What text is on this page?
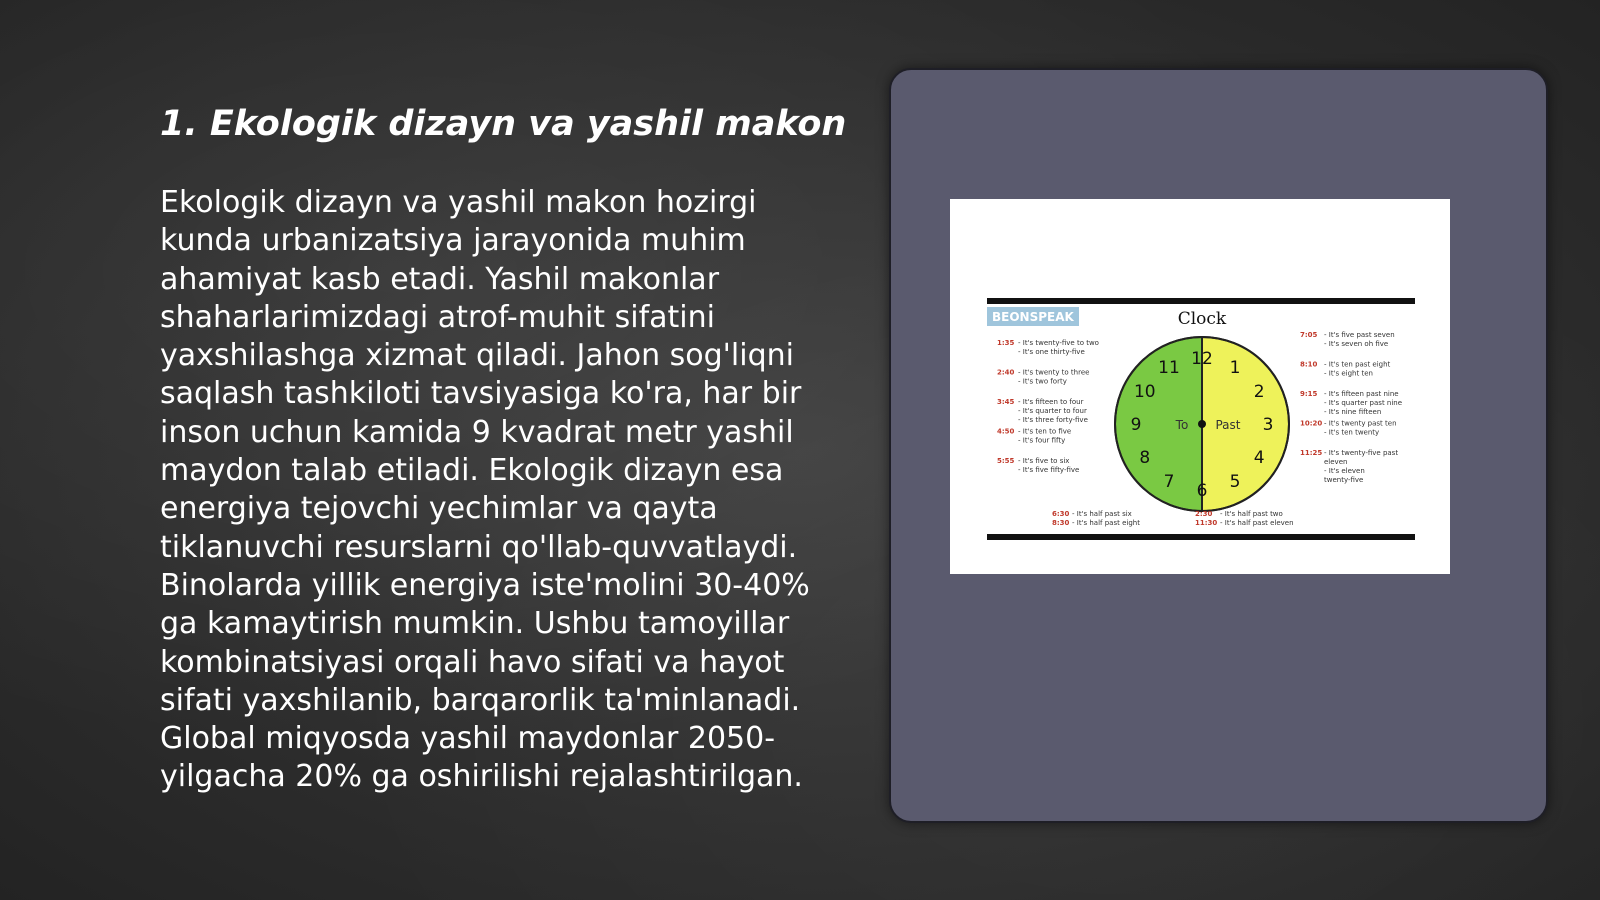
1. Ekologik dizayn va yashil makon
Ekologik dizayn va yashil makon hozirgi
kunda urbanizatsiya jarayonida muhim
ahamiyat kasb etadi. Yashil makonlar
shaharlarimizdagi atrof-muhit sifatini
yaxshilashga xizmat qiladi. Jahon sog'liqni
saqlash tashkiloti tavsiyasiga ko'ra, har bir
inson uchun kamida 9 kvadrat metr yashil
maydon talab etiladi. Ekologik dizayn esa
energiya tejovchi yechimlar va qayta
tiklanuvchi resurslarni qo'llab-quvvatlaydi.
Binolarda yillik energiya iste'molini 30-40%
ga kamaytirish mumkin. Ushbu tamoyillar
kombinatsiyasi orqali havo sifati va hayot
sifati yaxshilanib, barqarorlik ta'minlanadi.
Global miqyosda yashil maydonlar 2050-
yilgacha 20% ga oshirilishi rejalashtirilgan.
BEONSPEAK	Clock
To Past
12 1
2
3
4
5
6
7
8
9
10
11
1:35 - It's twenty-five to two
- It's one thirty-five
2:40 - It's twenty to three
- It's two forty
3:45 - It's fifteen to four
- It's quarter to four
- It's three forty-five
4:50 - It's ten to five
- It's four fifty
5:55 - It's five to six
- It's five fifty-five
7:05 - It's five past seven
- It's seven oh five
8:10 - It's ten past eight
- It's eight ten
9:15 - It's fifteen past nine
- It's quarter past nine
- It's nine fifteen
10:20 - It's twenty past ten
- It's ten twenty
11:25 - It's twenty-five past
eleven
- It's eleven
twenty-five
6:30 - It's half past six
8:30 - It's half past eight
2:30 - It's half past two
11:30 - It's half past eleven
